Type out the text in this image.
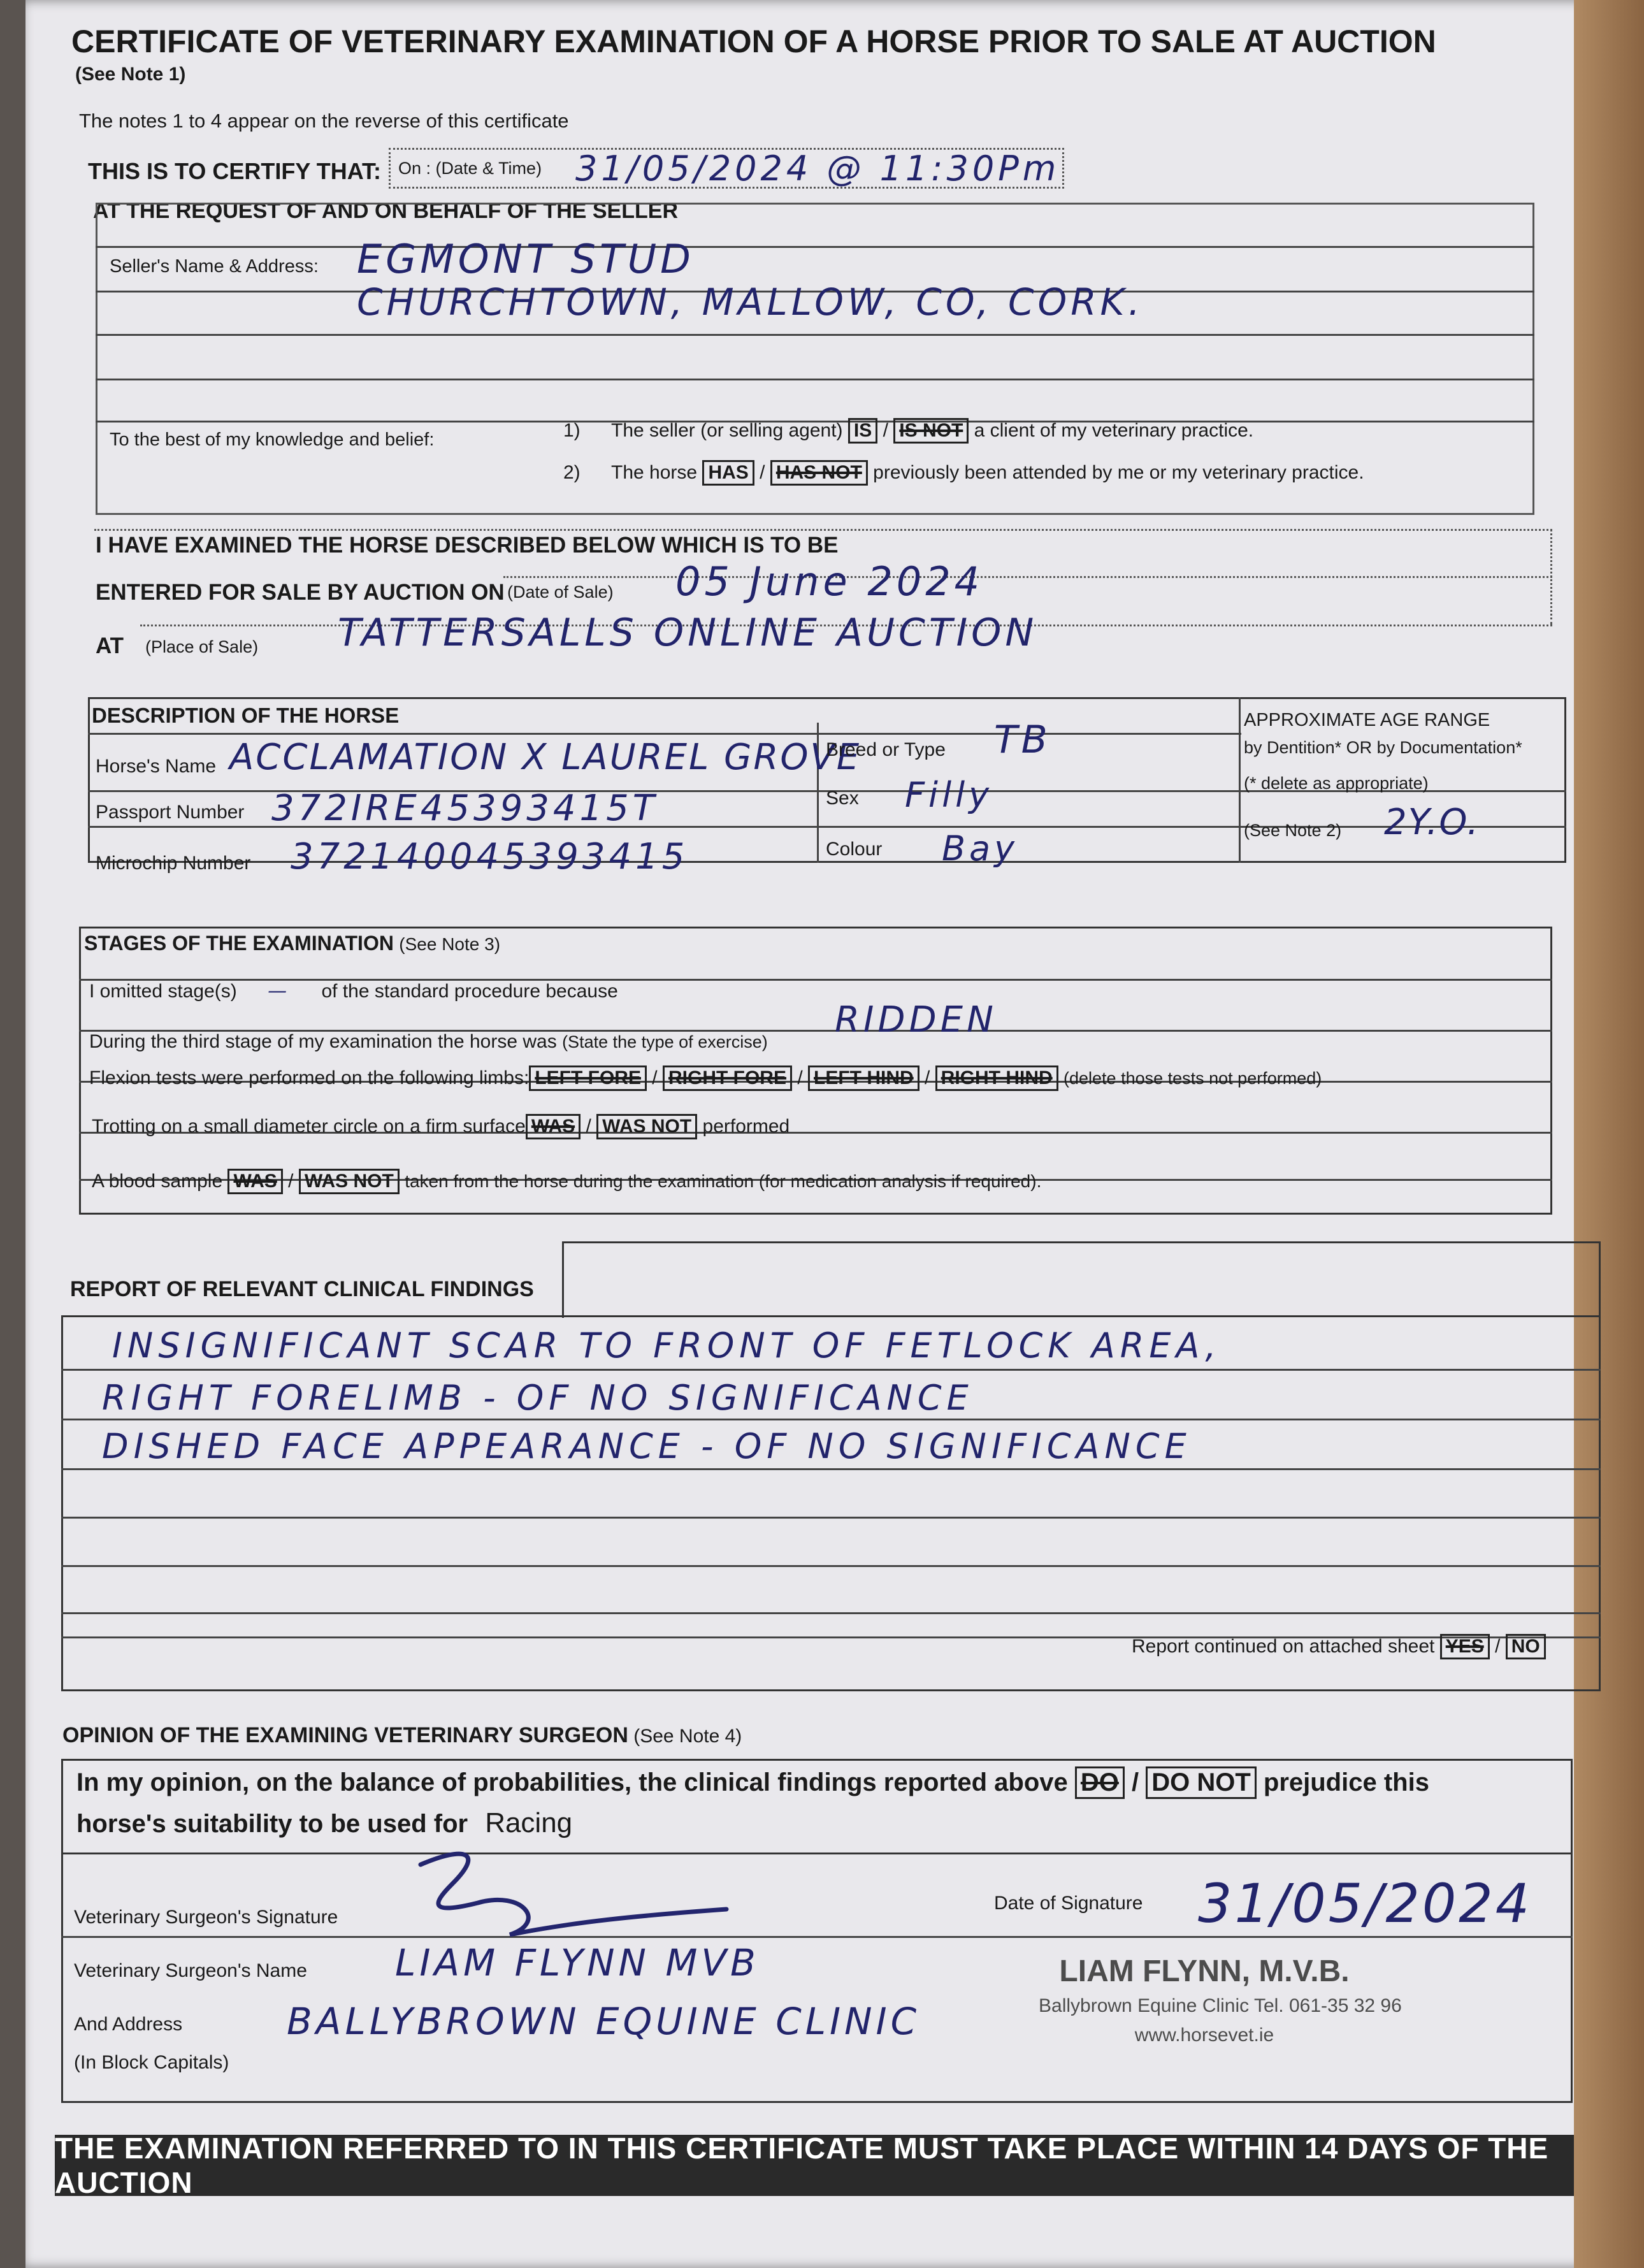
CERTIFICATE OF VETERINARY EXAMINATION OF A HORSE PRIOR TO SALE AT AUCTION
(See Note 1)
The notes 1 to 4 appear on the reverse of this certificate
THIS IS TO CERTIFY THAT: On : (Date & Time) 31/05/2024 @ 11:30Pm
AT THE REQUEST OF AND ON BEHALF OF THE SELLER
Seller's Name & Address: EGMONT STUD
CHURCHTOWN, MALLOW, CO, CORK.
To the best of my knowledge and belief:	1) The seller (or selling agent) IS / IS NOT a client of my veterinary practice.
2) The horse HAS / HAS NOT previously been attended by me or my veterinary practice.
I HAVE EXAMINED THE HORSE DESCRIBED BELOW WHICH IS TO BE
ENTERED FOR SALE BY AUCTION ON (Date of Sale) 05 June 2024
AT (Place of Sale) TATTERSALLS ONLINE AUCTION
DESCRIPTION OF THE HORSE
Horse's Name ACCLAMATION X LAUREL GROVE
Passport Number 372IRE45393415T
Microchip Number 372140045393415
Breed or Type TB
Sex Filly
Colour Bay
APPROXIMATE AGE RANGE
by Dentition* OR by Documentation*
(* delete as appropriate)
(See Note 2) 2Y.O.
STAGES OF THE EXAMINATION (See Note 3)
I omitted stage(s) — of the standard procedure because
During the third stage of my examination the horse was (State the type of exercise)
RIDDEN
Flexion tests were performed on the following limbs: LEFT FORE / RIGHT FORE / LEFT HIND / RIGHT HIND (delete those tests not performed)
Trotting on a small diameter circle on a firm surface WAS / WAS NOT performed
A blood sample WAS / WAS NOT taken from the horse during the examination (for medication analysis if required).
REPORT OF RELEVANT CLINICAL FINDINGS
INSIGNIFICANT SCAR TO FRONT OF FETLOCK AREA,
RIGHT FORELIMB - OF NO SIGNIFICANCE
DISHED FACE APPEARANCE - OF NO SIGNIFICANCE
Report continued on attached sheet YES / NO
OPINION OF THE EXAMINING VETERINARY SURGEON (See Note 4)
In my opinion, on the balance of probabilities, the clinical findings reported above DO / DO NOT prejudice this
horse's suitability to be used for Racing
Veterinary Surgeon's Signature
Date of Signature 31/05/2024
Veterinary Surgeon's Name LIAM FLYNN MVB
And Address
(In Block Capitals)
BALLYBROWN EQUINE CLINIC
LIAM FLYNN, M.V.B.
Ballybrown Equine Clinic Tel. 061-35 32 96
www.horsevet.ie
THE EXAMINATION REFERRED TO IN THIS CERTIFICATE MUST TAKE PLACE WITHIN 14 DAYS OF THE AUCTION
